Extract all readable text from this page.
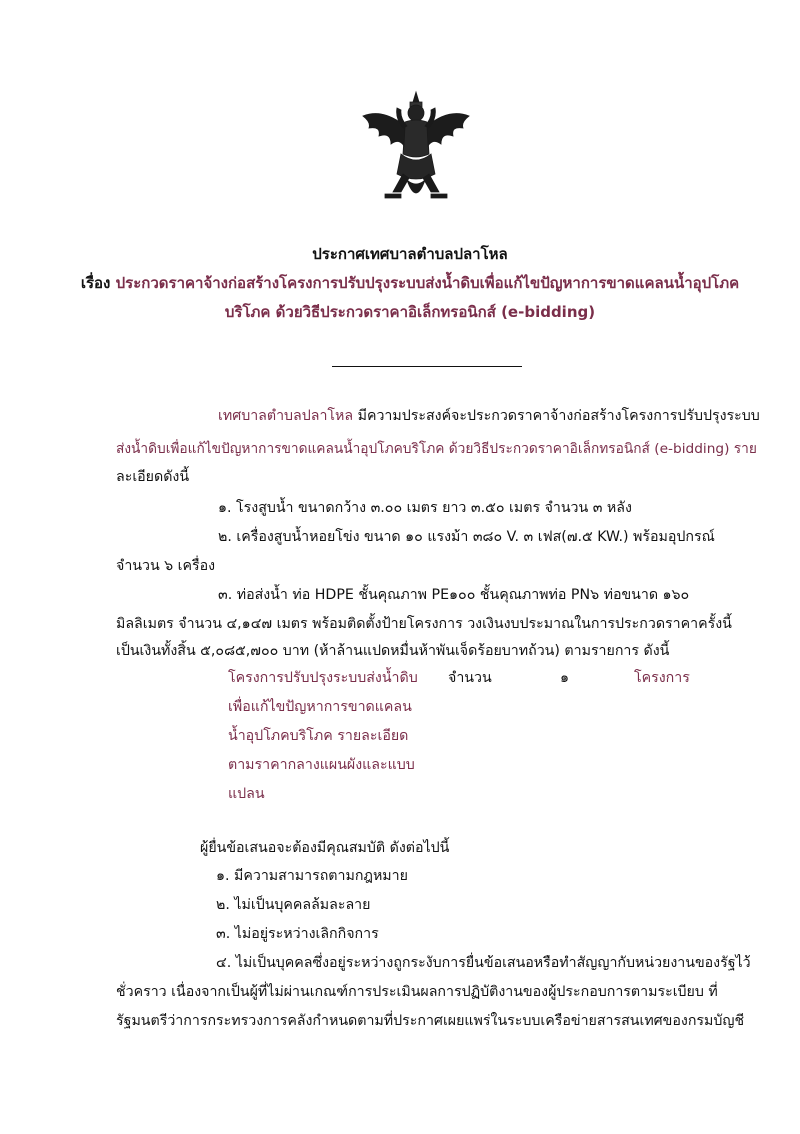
ประกาศเทศบาลตำบลปลาโหล
เรื่อง ประกวดราคาจ้างก่อสร้างโครงการปรับปรุงระบบส่งน้ำดิบเพื่อแก้ไขปัญหาการขาดแคลนน้ำอุปโภค
บริโภค ด้วยวิธีประกวดราคาอิเล็กทรอนิกส์ (e-bidding)
เทศบาลตำบลปลาโหล มีความประสงค์จะประกวดราคาจ้างก่อสร้างโครงการปรับปรุงระบบ
ส่งน้ำดิบเพื่อแก้ไขปัญหาการขาดแคลนน้ำอุปโภคบริโภค ด้วยวิธีประกวดราคาอิเล็กทรอนิกส์ (e-bidding) ราย
ละเอียดดังนี้
๑. โรงสูบน้ำ ขนาดกว้าง ๓.๐๐ เมตร ยาว ๓.๕๐ เมตร จำนวน ๓ หลัง
๒. เครื่องสูบน้ำหอยโข่ง ขนาด ๑๐ แรงม้า ๓๘๐ V. ๓ เฟส(๗.๕ KW.) พร้อมอุปกรณ์
จำนวน ๖ เครื่อง
๓. ท่อส่งน้ำ ท่อ HDPE ชั้นคุณภาพ PE๑๐๐ ชั้นคุณภาพท่อ PN๖ ท่อขนาด ๑๖๐
มิลลิเมตร จำนวน ๔,๑๔๗ เมตร พร้อมติดตั้งป้ายโครงการ วงเงินงบประมาณในการประกวดราคาครั้งนี้
เป็นเงินทั้งสิ้น ๕,๐๘๕,๗๐๐ บาท (ห้าล้านแปดหมื่นห้าพันเจ็ดร้อยบาทถ้วน) ตามรายการ ดังนี้
โครงการปรับปรุงระบบส่งน้ำดิบ
เพื่อแก้ไขปัญหาการขาดแคลน
น้ำอุปโภคบริโภค รายละเอียด
ตามราคากลางแผนผังและแบบ
แปลน
จำนวน	๑	โครงการ
ผู้ยื่นข้อเสนอจะต้องมีคุณสมบัติ ดังต่อไปนี้
๑. มีความสามารถตามกฎหมาย
๒. ไม่เป็นบุคคลล้มละลาย
๓. ไม่อยู่ระหว่างเลิกกิจการ
๔. ไม่เป็นบุคคลซึ่งอยู่ระหว่างถูกระงับการยื่นข้อเสนอหรือทำสัญญากับหน่วยงานของรัฐไว้
ชั่วคราว เนื่องจากเป็นผู้ที่ไม่ผ่านเกณฑ์การประเมินผลการปฏิบัติงานของผู้ประกอบการตามระเบียบ ที่
รัฐมนตรีว่าการกระทรวงการคลังกำหนดตามที่ประกาศเผยแพร่ในระบบเครือข่ายสารสนเทศของกรมบัญชี
